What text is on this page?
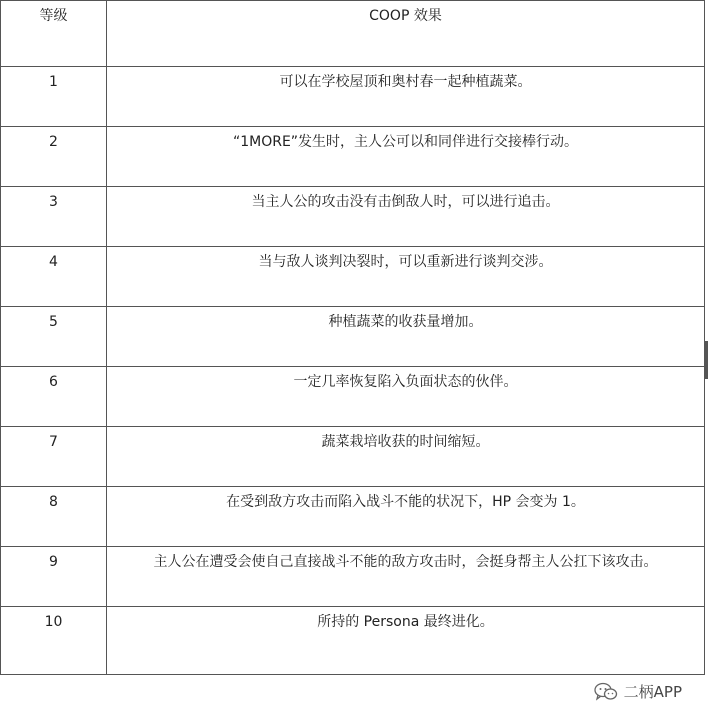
等级	COOP 效果
1	可以在学校屋顶和奥村春一起种植蔬菜。
2	“1MORE”发生时，主人公可以和同伴进行交接棒行动。
3	当主人公的攻击没有击倒敌人时，可以进行追击。
4	当与敌人谈判决裂时，可以重新进行谈判交涉。
5	种植蔬菜的收获量增加。
6	一定几率恢复陷入负面状态的伙伴。
7	蔬菜栽培收获的时间缩短。
8	在受到敌方攻击而陷入战斗不能的状况下，HP 会变为 1。
9	主人公在遭受会使自己直接战斗不能的敌方攻击时，会挺身帮主人公扛下该攻击。
10	所持的 Persona 最终进化。
二柄APP
